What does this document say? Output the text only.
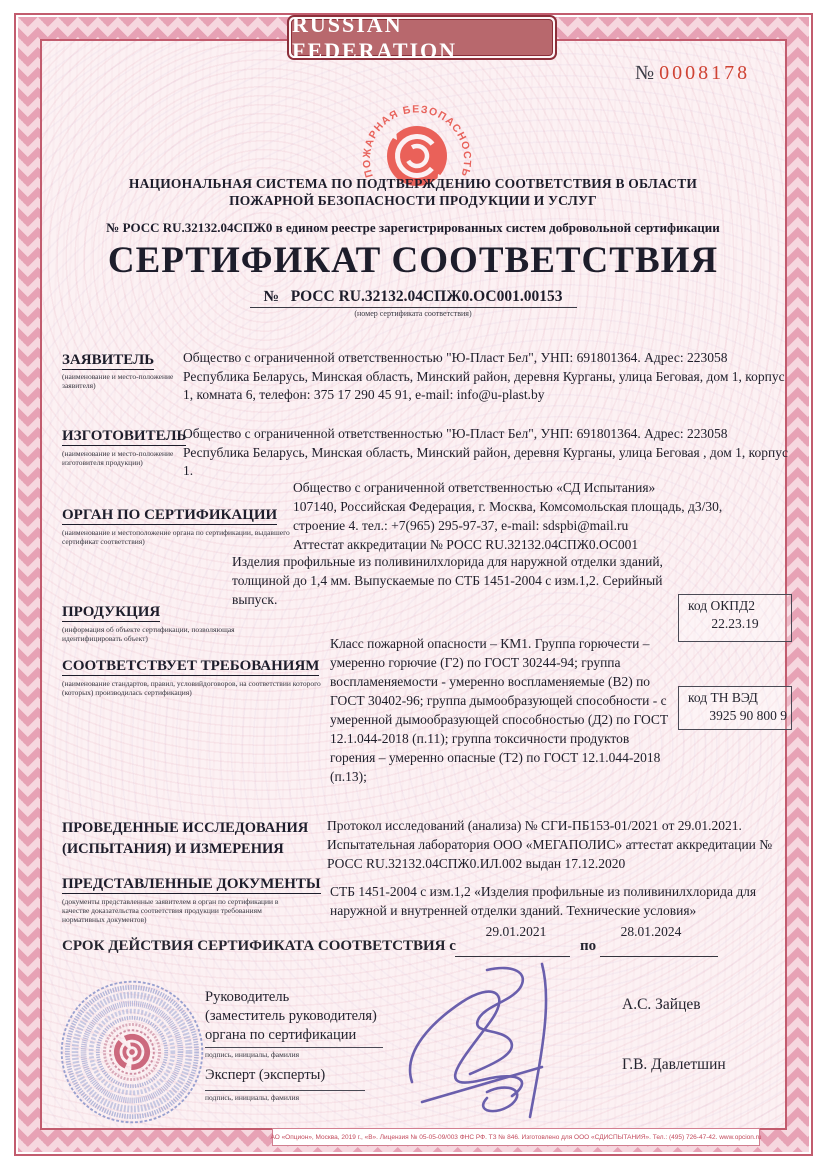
RUSSIAN FEDERATION
№ 0008178
ПОЖАРНАЯ БЕЗОПАСНОСТЬ
НАЦИОНАЛЬНАЯ СИСТЕМА ПО ПОДТВЕРЖДЕНИЮ СООТВЕТСТВИЯ В ОБЛАСТИ
ПОЖАРНОЙ БЕЗОПАСНОСТИ ПРОДУКЦИИ И УСЛУГ
№ РОСС RU.32132.04СПЖ0 в едином реестре зарегистрированных систем добровольной сертификации
СЕРТИФИКАТ СООТВЕТСТВИЯ
№   РОСС RU.32132.04СПЖ0.ОС001.00153
(номер сертификата соответствия)
ЗАЯВИТЕЛЬ
(наименование и место-положение заявителя)
Общество с ограниченной ответственностью "Ю-Пласт Бел", УНП: 691801364. Адрес: 223058 Республика Беларусь, Минская область, Минский район, деревня Курганы, улица Беговая, дом 1, корпус 1, комната 6, телефон: 375 17 290 45 91, e-mail: info@u-plast.by
ИЗГОТОВИТЕЛЬ
(наименование и место-положение изготовителя продукции)
Общество с ограниченной ответственностью "Ю-Пласт Бел", УНП: 691801364. Адрес: 223058 Республика Беларусь, Минская область, Минский район, деревня Курганы, улица Беговая , дом 1, корпус 1.
ОРГАН ПО СЕРТИФИКАЦИИ
(наименование и местоположение органа по сертификации, выдавшего сертификат соответствия)
Общество с ограниченной ответственностью «СД Испытания»
107140, Российская Федерация, г. Москва, Комсомольская площадь, д3/30,
строение 4. тел.: +7(965) 295-97-37, e-mail: sdspbi@mail.ru
Аттестат аккредитации № РОСС RU.32132.04СПЖ0.ОС001
Изделия профильные из поливинилхлорида для наружной отделки зданий, толщиной до 1,4 мм. Выпускаемые по СТБ 1451-2004 с изм.1,2. Серийный выпуск.
ПРОДУКЦИЯ
(информация об объекте сертификации, позволяющая идентифицировать объект)
код ОКПД2
22.23.19
СООТВЕТСТВУЕТ ТРЕБОВАНИЯМ
(наименование стандартов, правил, условийдоговоров, на соответствии которого (которых) производилась сертификация)
Класс пожарной опасности – КМ1. Группа горючести – умеренно горючие (Г2) по ГОСТ 30244-94; группа воспламеняемости - умеренно воспламеняемые (В2) по ГОСТ 30402-96; группа дымообразующей способности - с умеренной дымообразующей способностью (Д2) по ГОСТ 12.1.044-2018 (п.11); группа токсичности продуктов горения – умеренно опасные (Т2) по ГОСТ 12.1.044-2018 (п.13);
код ТН ВЭД
3925 90 800 9
ПРОВЕДЕННЫЕ ИССЛЕДОВАНИЯ
(ИСПЫТАНИЯ) И ИЗМЕРЕНИЯ
Протокол исследований (анализа) № СГИ-ПБ153-01/2021 от 29.01.2021. Испытательная лаборатория ООО «МЕГАПОЛИС» аттестат аккредитации № РОСС RU.32132.04СПЖ0.ИЛ.002 выдан 17.12.2020
ПРЕДСТАВЛЕННЫЕ ДОКУМЕНТЫ
(документы представленные заявителем в орган по сертификации в качестве доказательства соответствия продукции требованиям нормативных документов)
СТБ 1451-2004 с изм.1,2 «Изделия профильные из поливинилхлорида для наружной и внутренней отделки зданий. Технические условия»
СРОК ДЕЙСТВИЯ СЕРТИФИКАТА СООТВЕТСТВИЯ с
29.01.2021
по
28.01.2024
Руководитель
(заместитель руководителя)
органа по сертификации
подпись, инициалы, фамилия
Эксперт (эксперты)
подпись, инициалы, фамилия
А.С. Зайцев
Г.В. Давлетшин
АО «Опцион», Москва, 2019 г., «В». Лицензия № 05-05-09/003 ФНС РФ. ТЗ № 846. Изготовлено для ООО «СДИСПЫТАНИЯ». Тел.: (495) 726-47-42. www.opcion.ru
